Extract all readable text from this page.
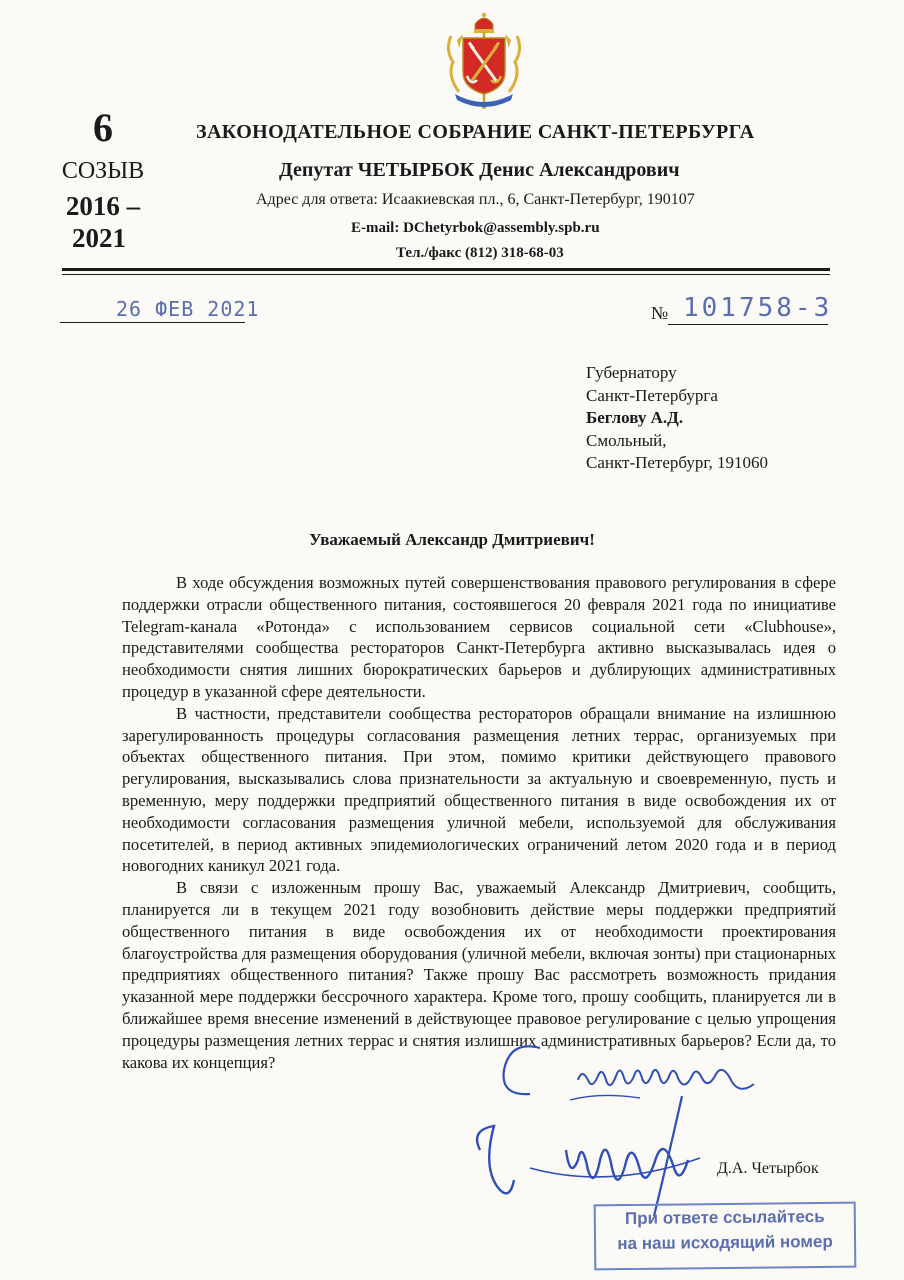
6
СОЗЫВ
2016 –
2021
ЗАКОНОДАТЕЛЬНОЕ СОБРАНИЕ САНКТ-ПЕТЕРБУРГА
Депутат ЧЕТЫРБОК Денис Александрович
Адрес для ответа: Исаакиевская пл., 6, Санкт-Петербург, 190107
E-mail: DChetyrbok@assembly.spb.ru
Тел./факс (812) 318-68-03
26 ФЕВ 2021	№ 101758-3
Губернатору
Санкт-Петербурга
Беглову А.Д.
Смольный,
Санкт-Петербург, 191060
Уважаемый Александр Дмитриевич!

В ходе обсуждения возможных путей совершенствования правового регулирования в сфере поддержки отрасли общественного питания, состоявшегося 20 февраля 2021 года по инициативе Telegram-канала «Ротонда» с использованием сервисов социальной сети «Clubhouse», представителями сообщества рестораторов Санкт-Петербурга активно высказывалась идея о необходимости снятия лишних бюрократических барьеров и дублирующих административных процедур в указанной сфере деятельности.

В частности, представители сообщества рестораторов обращали внимание на излишнюю зарегулированность процедуры согласования размещения летних террас, организуемых при объектах общественного питания. При этом, помимо критики действующего правового регулирования, высказывались слова признательности за актуальную и своевременную, пусть и временную, меру поддержки предприятий общественного питания в виде освобождения их от необходимости согласования размещения уличной мебели, используемой для обслуживания посетителей, в период активных эпидемиологических ограничений летом 2020 года и в период новогодних каникул 2021 года.

В связи с изложенным прошу Вас, уважаемый Александр Дмитриевич, сообщить, планируется ли в текущем 2021 году возобновить действие меры поддержки предприятий общественного питания в виде освобождения их от необходимости проектирования благоустройства для размещения оборудования (уличной мебели, включая зонты) при стационарных предприятиях общественного питания? Также прошу Вас рассмотреть возможность придания указанной мере поддержки бессрочного характера. Кроме того, прошу сообщить, планируется ли в ближайшее время внесение изменений в действующее правовое регулирование с целью упрощения процедуры размещения летних террас и снятия излишних административных барьеров? Если да, то какова их концепция?

Д.А. Четырбок
При ответе ссылайтесь
на наш исходящий номер
